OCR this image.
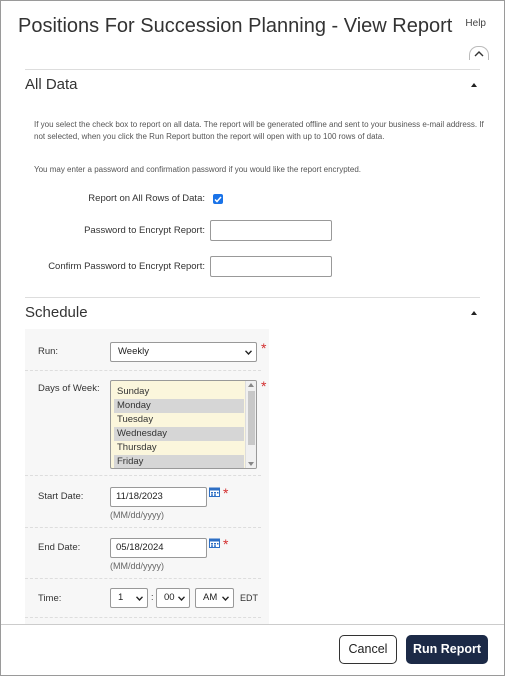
Positions For Succession Planning - View Report Help
All Data
If you select the check box to report on all data. The report will be generated offline and sent to your business e-mail address. If not selected, when you click the Run Report button the report will open with up to 100 rows of data.
You may enter a password and confirmation password if you would like the report encrypted.
Report on All Rows of Data:
Password to Encrypt Report:
Confirm Password to Encrypt Report:
Schedule
Run:	Weekly	*
Days of Week:	Sunday
Monday
Tuesday
Wednesday
Thursday
Friday
*
Start Date:	11/18/2023	*
(MM/dd/yyyy)
End Date:	05/18/2024	*
(MM/dd/yyyy)
Time:	1	:	00	AM	EDT
Cancel	Run Report
